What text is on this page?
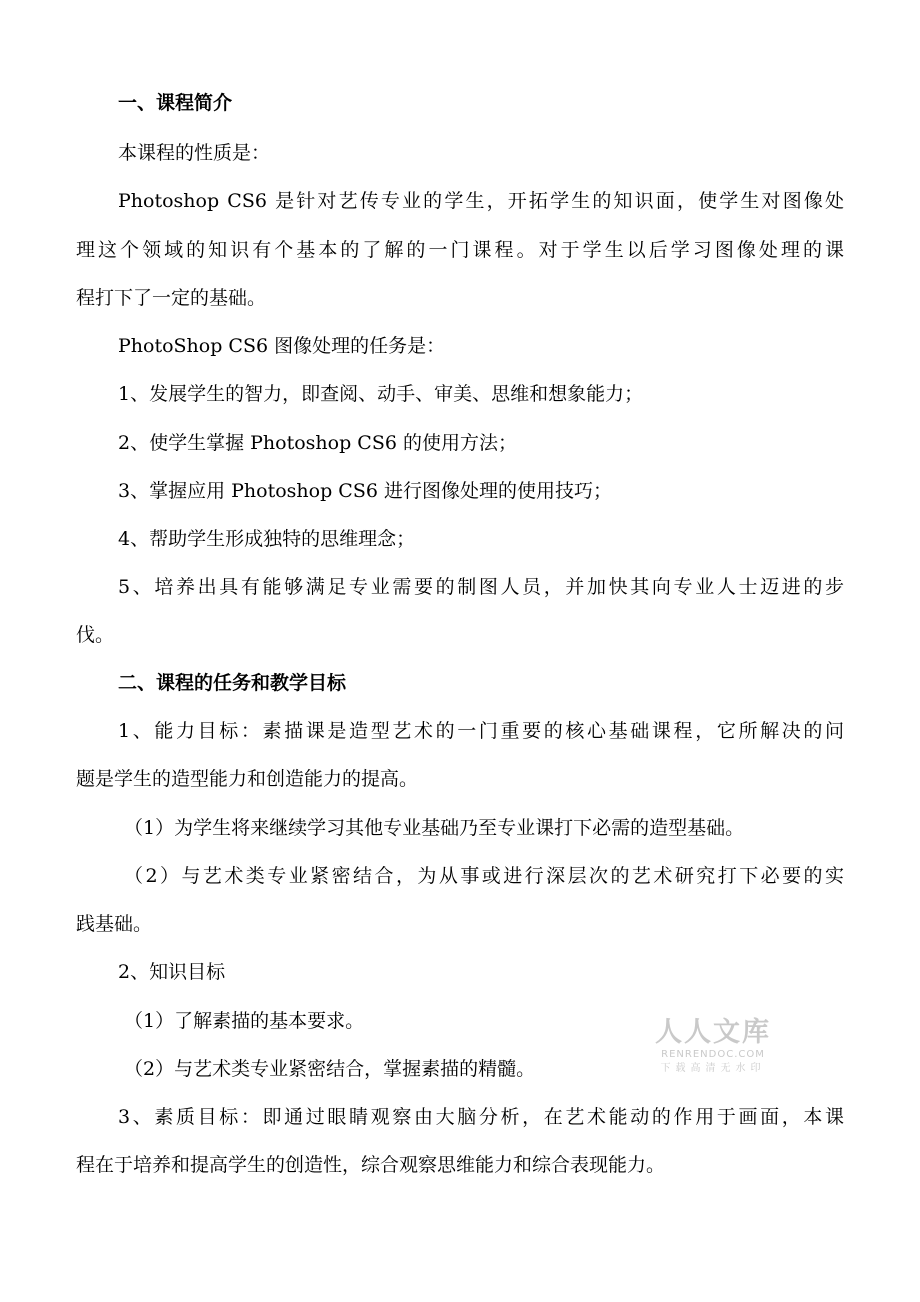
一、课程简介
本课程的性质是：
Photoshop CS6 是针对艺传专业的学生，开拓学生的知识面，使学生对图像处
理这个领域的知识有个基本的了解的一门课程。对于学生以后学习图像处理的课
程打下了一定的基础。
PhotoShop CS6 图像处理的任务是：
1、发展学生的智力，即查阅、动手、审美、思维和想象能力；
2、使学生掌握 Photoshop CS6 的使用方法；
3、掌握应用 Photoshop CS6 进行图像处理的使用技巧；
4、帮助学生形成独特的思维理念；
5、培养出具有能够满足专业需要的制图人员，并加快其向专业人士迈进的步
伐。
二、课程的任务和教学目标
1、能力目标：素描课是造型艺术的一门重要的核心基础课程，它所解决的问
题是学生的造型能力和创造能力的提高。
（1）为学生将来继续学习其他专业基础乃至专业课打下必需的造型基础。
（2）与艺术类专业紧密结合，为从事或进行深层次的艺术研究打下必要的实
践基础。
2、知识目标
（1）了解素描的基本要求。
（2）与艺术类专业紧密结合，掌握素描的精髓。
3、素质目标：即通过眼睛观察由大脑分析，在艺术能动的作用于画面，本课
程在于培养和提高学生的创造性，综合观察思维能力和综合表现能力。
人人文库
RENRENDOC.COM
下载高清无水印
